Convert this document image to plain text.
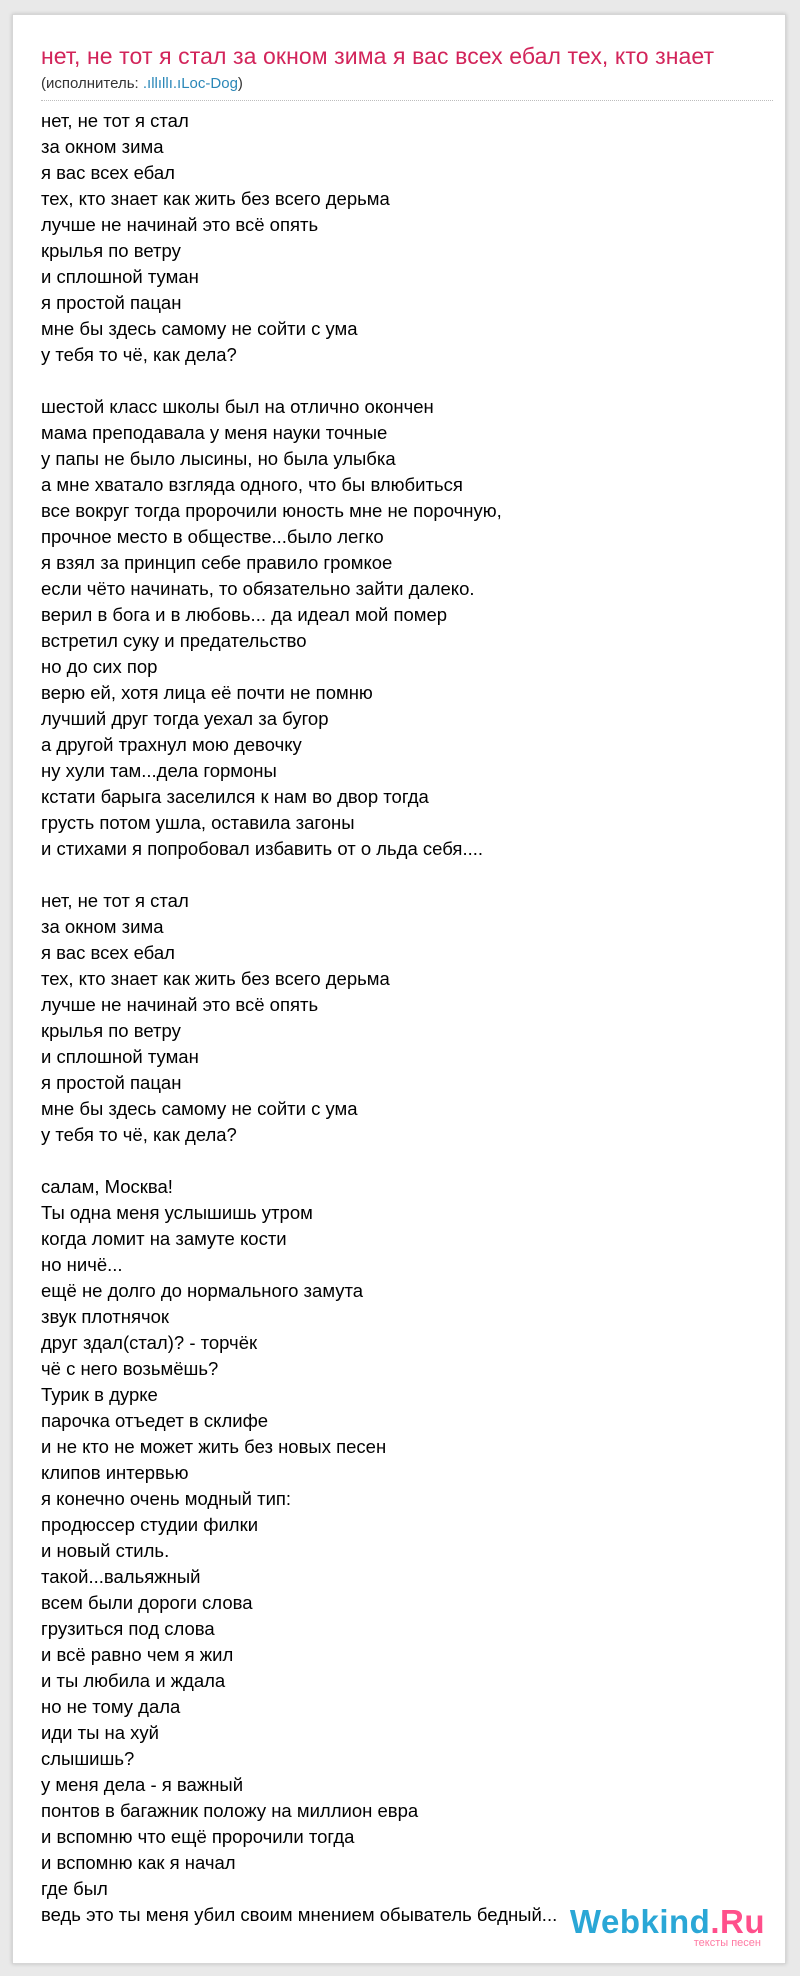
нет, не тот я стал за окном зима я вас всех ебал тех, кто знает
(исполнитель: .ıllıllı.ıLoc-Dog)
нет, не тот я стал
за окном зима
я вас всех ебал
тех, кто знает как жить без всего дерьма
лучше не начинай это всё опять
крылья по ветру
и сплошной туман
я простой пацан
мне бы здесь самому не сойти с ума
у тебя то чё, как дела?
шестой класс школы был на отлично окончен
мама преподавала у меня науки точные
у папы не было лысины, но была улыбка
а мне хватало взгляда одного, что бы влюбиться
все вокруг тогда пророчили юность мне не порочную,
прочное место в обществе...было легко
я взял за принцип себе правило громкое
если чёто начинать, то обязательно зайти далеко.
верил в бога и в любовь... да идеал мой помер
встретил суку и предательство
но до сих пор
верю ей, хотя лица её почти не помню
лучший друг тогда уехал за бугор
а другой трахнул мою девочку
ну хули там...дела гормоны
кстати барыга заселился к нам во двор тогда
грусть потом ушла, оставила загоны
и стихами я попробовал избавить от о льда себя....
нет, не тот я стал
за окном зима
я вас всех ебал
тех, кто знает как жить без всего дерьма
лучше не начинай это всё опять
крылья по ветру
и сплошной туман
я простой пацан
мне бы здесь самому не сойти с ума
у тебя то чё, как дела?
салам, Москва!
Ты одна меня услышишь утром
когда ломит на замуте кости
но ничё...
ещё не долго до нормального замута
звук плотнячок
друг здал(стал)? - торчёк
чё с него возьмёшь?
Турик в дурке
парочка отъедет в склифе
и не кто не может жить без новых песен
клипов интервью
я конечно очень модный тип:
продюссер студии филки
и новый стиль.
такой...вальяжный
всем были дороги слова
грузиться под слова
и всё равно чем я жил
и ты любила и ждала
но не тому дала
иди ты на хуй
слышишь?
у меня дела - я важный
понтов в багажник положу на миллион евра
и вспомню что ещё пророчили тогда
и вспомню как я начал
где был
ведь это ты меня убил своим мнением обыватель бедный... Webkind.Ru
тексты песен
